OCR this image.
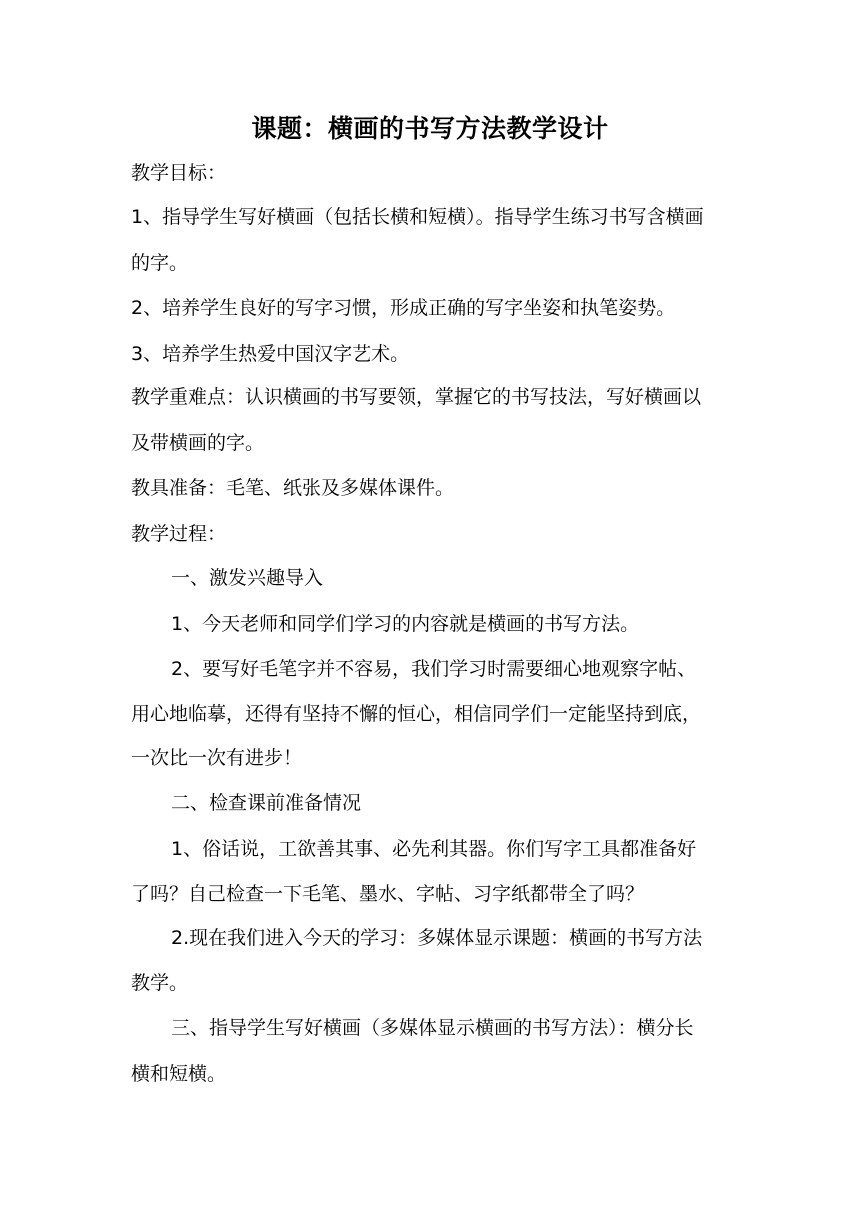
课题：横画的书写方法教学设计
教学目标：
1、指导学生写好横画（包括长横和短横）。指导学生练习书写含横画
的字。
2、培养学生良好的写字习惯，形成正确的写字坐姿和执笔姿势。
3、培养学生热爱中国汉字艺术。
教学重难点：认识横画的书写要领，掌握它的书写技法，写好横画以
及带横画的字。
教具准备：毛笔、纸张及多媒体课件。
教学过程：
一、激发兴趣导入
1、今天老师和同学们学习的内容就是横画的书写方法。
2、要写好毛笔字并不容易，我们学习时需要细心地观察字帖、
用心地临摹，还得有坚持不懈的恒心，相信同学们一定能坚持到底，
一次比一次有进步！
二、检查课前准备情况
1、俗话说，工欲善其事、必先利其器。你们写字工具都准备好
了吗？自己检查一下毛笔、墨水、字帖、习字纸都带全了吗？
2.现在我们进入今天的学习：多媒体显示课题：横画的书写方法
教学。
三、指导学生写好横画（多媒体显示横画的书写方法）：横分长
横和短横。
